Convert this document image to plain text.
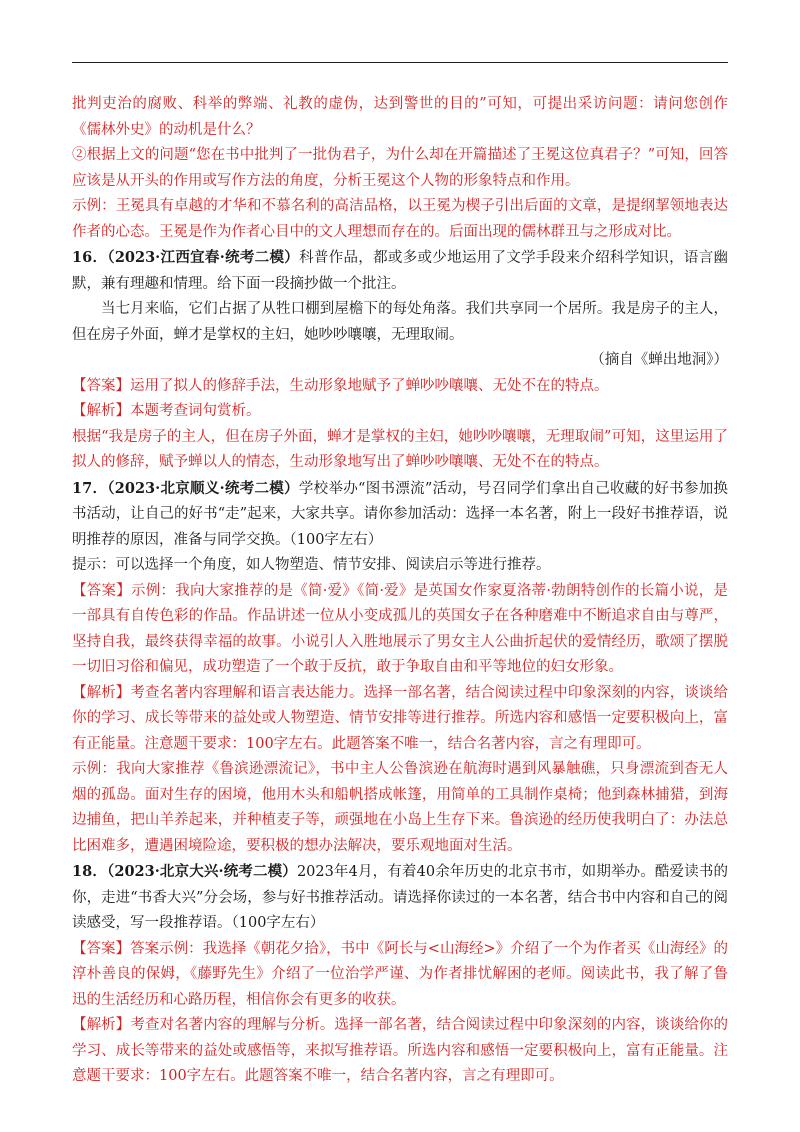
批判吏治的腐败、科举的弊端、礼教的虚伪，达到警世的目的”可知，可提出采访问题：请问您创作《儒林外史》的动机是什么？

②根据上文的问题“您在书中批判了一批伪君子，为什么却在开篇描述了王冕这位真君子？”可知，回答应该是从开头的作用或写作方法的角度，分析王冕这个人物的形象特点和作用。

示例：王冕具有卓越的才华和不慕名利的高洁品格，以王冕为楔子引出后面的文章，是提纲挈领地表达作者的心态。王冕是作为作者心目中的文人理想而存在的。后面出现的儒林群丑与之形成对比。

16．（2023·江西宜春·统考二模）科普作品，都或多或少地运用了文学手段来介绍科学知识，语言幽默，兼有理趣和情理。给下面一段摘抄做一个批注。

当七月来临，它们占据了从牲口棚到屋檐下的每处角落。我们共享同一个居所。我是房子的主人，但在房子外面，蝉才是掌权的主妇，她吵吵嚷嚷，无理取闹。

（摘自《蝉出地洞》）

【答案】运用了拟人的修辞手法，生动形象地赋予了蝉吵吵嚷嚷、无处不在的特点。

【解析】本题考查词句赏析。

根据“我是房子的主人，但在房子外面，蝉才是掌权的主妇，她吵吵嚷嚷，无理取闹”可知，这里运用了拟人的修辞，赋予蝉以人的情态，生动形象地写出了蝉吵吵嚷嚷、无处不在的特点。

17．（2023·北京顺义·统考二模）学校举办“图书漂流”活动，号召同学们拿出自己收藏的好书参加换书活动，让自己的好书“走”起来，大家共享。请你参加活动：选择一本名著，附上一段好书推荐语，说明推荐的原因，准备与同学交换。（100字左右）

提示：可以选择一个角度，如人物塑造、情节安排、阅读启示等进行推荐。

【答案】示例：我向大家推荐的是《简·爱》《简·爱》是英国女作家夏洛蒂·勃朗特创作的长篇小说，是一部具有自传色彩的作品。作品讲述一位从小变成孤儿的英国女子在各种磨难中不断追求自由与尊严，坚持自我，最终获得幸福的故事。小说引人入胜地展示了男女主人公曲折起伏的爱情经历，歌颂了摆脱一切旧习俗和偏见，成功塑造了一个敢于反抗，敢于争取自由和平等地位的妇女形象。

【解析】考查名著内容理解和语言表达能力。选择一部名著，结合阅读过程中印象深刻的内容，谈谈给你的学习、成长等带来的益处或人物塑造、情节安排等进行推荐。所选内容和感悟一定要积极向上，富有正能量。注意题干要求：100字左右。此题答案不唯一，结合名著内容，言之有理即可。

示例：我向大家推荐《鲁滨逊漂流记》，书中主人公鲁滨逊在航海时遇到风暴触礁，只身漂流到杳无人烟的孤岛。面对生存的困境，他用木头和船帆搭成帐篷，用简单的工具制作桌椅；他到森林捕猎，到海边捕鱼，把山羊养起来，并种植麦子等，顽强地在小岛上生存下来。鲁滨逊的经历使我明白了：办法总比困难多，遭遇困境险途，要积极的想办法解决，要乐观地面对生活。

18．（2023·北京大兴·统考二模）2023年4月，有着40余年历史的北京书市，如期举办。酷爱读书的你，走进“书香大兴”分会场，参与好书推荐活动。请选择你读过的一本名著，结合书中内容和自己的阅读感受，写一段推荐语。（100字左右）

【答案】答案示例：我选择《朝花夕拾》，书中《阿长与<山海经>》介绍了一个为作者买《山海经》的淳朴善良的保姆，《藤野先生》介绍了一位治学严谨、为作者排忧解困的老师。阅读此书，我了解了鲁迅的生活经历和心路历程，相信你会有更多的收获。

【解析】考查对名著内容的理解与分析。选择一部名著，结合阅读过程中印象深刻的内容，谈谈给你的学习、成长等带来的益处或感悟等，来拟写推荐语。所选内容和感悟一定要积极向上，富有正能量。注意题干要求：100字左右。此题答案不唯一，结合名著内容，言之有理即可。
